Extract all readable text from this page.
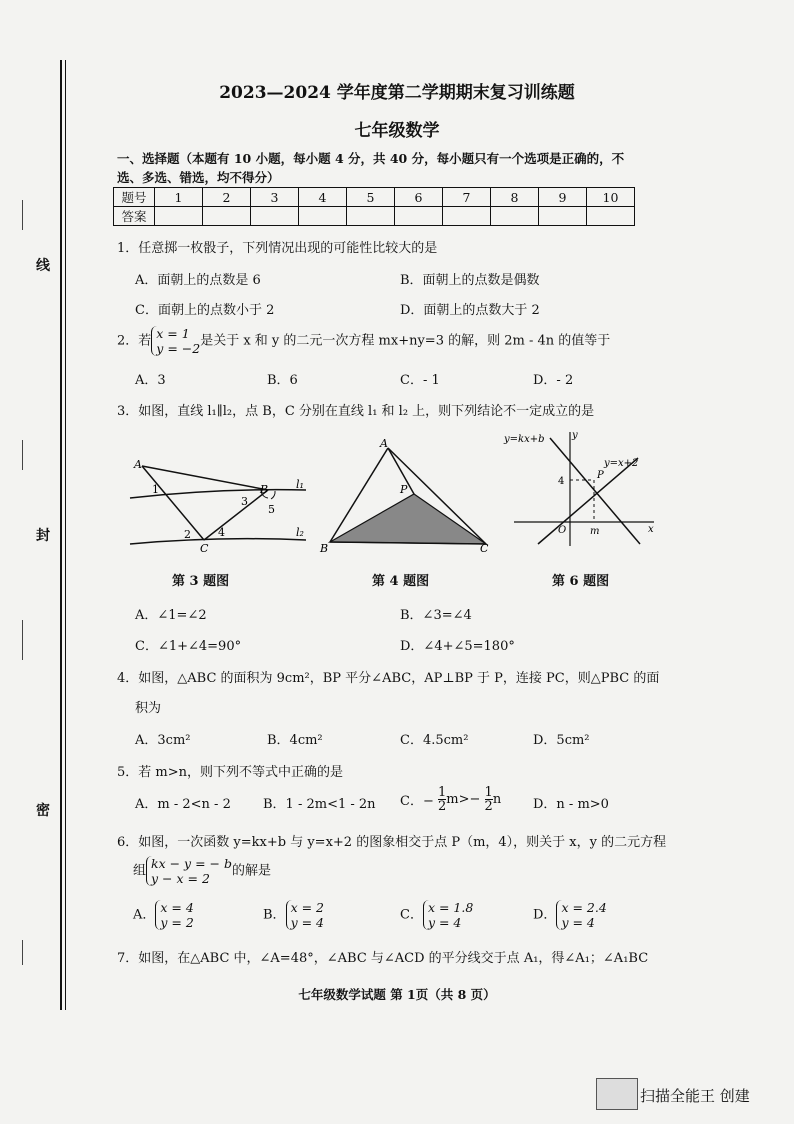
线
封
密
2023—2024 学年度第二学期期末复习训练题
七年级数学
一、选择题（本题有 10 小题，每小题 4 分，共 40 分，每小题只有一个选项是正确的，不
选、多选、错选，均不得分）
题号	1	2	3	4	5	6	7	8	9	10
答案										
1．任意掷一枚骰子，下列情况出现的可能性比较大的是
A．面朝上的点数是 6	B．面朝上的点数是偶数
C．面朝上的点数小于 2	D．面朝上的点数大于 2
2．若 x = 1
y = −2是关于 x 和 y 的二元一次方程 mx+ny=3 的解，则 2m - 4n 的值等于
A．3	B．6	C．- 1	D．- 2
3．如图，直线 l₁∥l₂，点 B，C 分别在直线 l₁ 和 l₂ 上，则下列结论不一定成立的是
A
1
2
3
4
5
B
C
l₁
l₂
第 3 题图
A
P
B	C
第 4 题图
y=kx+b
y=x+2
y
x
O m
4
P
第 6 题图
A．∠1=∠2	B．∠3=∠4
C．∠1+∠4=90°	D．∠4+∠5=180°
4．如图，△ABC 的面积为 9cm²，BP 平分∠ABC，AP⊥BP 于 P，连接 PC，则△PBC 的面
积为
A．3cm²	B．4cm²	C．4.5cm²	D．5cm²
5．若 m>n，则下列不等式中正确的是
A．m - 2<n - 2 B．1 - 2m<1 - 2n C．− $\frac{1}{2} m>- \frac{1}{2}$ n D．n - m>0
6．如图，一次函数 y=kx+b 与 y=x+2 的图象相交于点 P（m，4），则关于 x，y 的二元方程
组 kx − y = − b
y − x = 2 的解是
A． x = 4
y = 2	B． x = 2
y = 4	C． x = 1.8
y = 4	D． x = 2.4
y = 4
7．如图，在△ABC 中，∠A=48°，∠ABC 与∠ACD 的平分线交于点 A₁，得∠A₁；∠A₁BC
七年级数学试题 第 1页（共 8 页）
扫描全能王 创建
